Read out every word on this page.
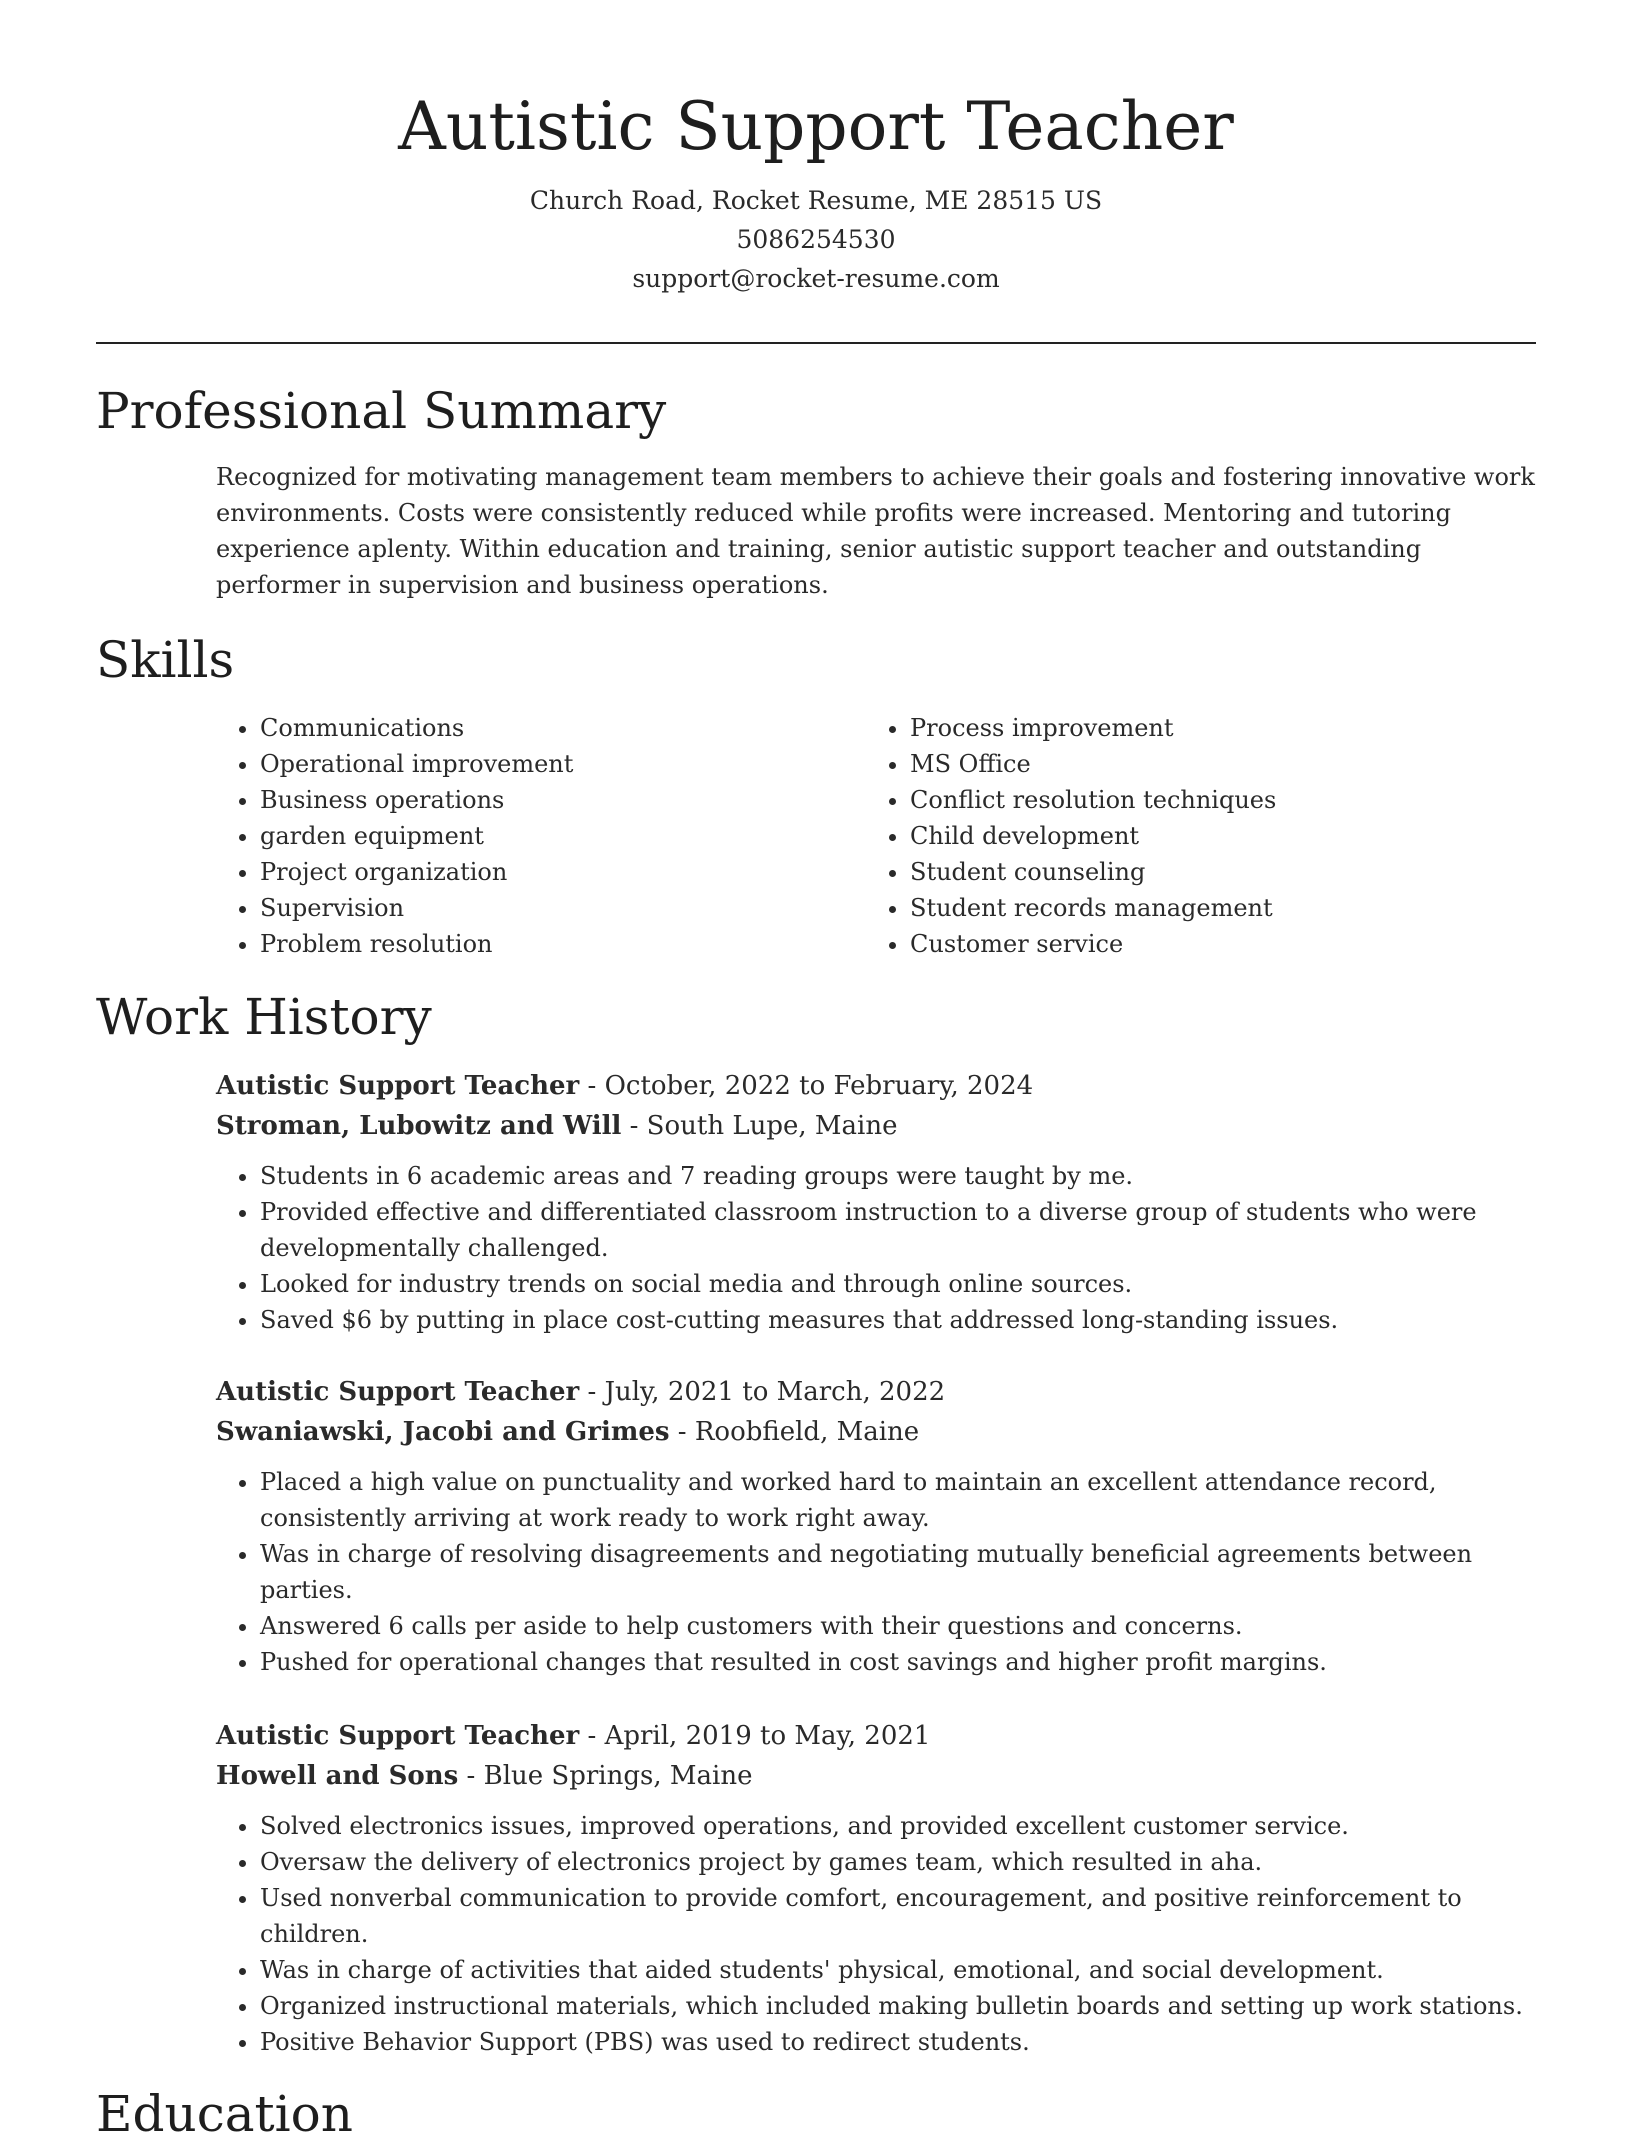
Autistic Support Teacher
Church Road, Rocket Resume, ME 28515 US
5086254530
support@rocket-resume.com
Professional Summary
Recognized for motivating management team members to achieve their goals and fostering innovative work environments. Costs were consistently reduced while profits were increased. Mentoring and tutoring experience aplenty. Within education and training, senior autistic support teacher and outstanding performer in supervision and business operations.
Skills
• Communications
• Operational improvement
• Business operations
• garden equipment
• Project organization
• Supervision
• Problem resolution
• Process improvement
• MS Office
• Conflict resolution techniques
• Child development
• Student counseling
• Student records management
• Customer service
Work History
Autistic Support Teacher - October, 2022 to February, 2024
Stroman, Lubowitz and Will - South Lupe, Maine
• Students in 6 academic areas and 7 reading groups were taught by me.
• Provided effective and differentiated classroom instruction to a diverse group of students who were developmentally challenged.
• Looked for industry trends on social media and through online sources.
• Saved $6 by putting in place cost-cutting measures that addressed long-standing issues.
Autistic Support Teacher - July, 2021 to March, 2022
Swaniawski, Jacobi and Grimes - Roobfield, Maine
• Placed a high value on punctuality and worked hard to maintain an excellent attendance record, consistently arriving at work ready to work right away.
• Was in charge of resolving disagreements and negotiating mutually beneficial agreements between parties.
• Answered 6 calls per aside to help customers with their questions and concerns.
• Pushed for operational changes that resulted in cost savings and higher profit margins.
Autistic Support Teacher - April, 2019 to May, 2021
Howell and Sons - Blue Springs, Maine
• Solved electronics issues, improved operations, and provided excellent customer service.
• Oversaw the delivery of electronics project by games team, which resulted in aha.
• Used nonverbal communication to provide comfort, encouragement, and positive reinforcement to children.
• Was in charge of activities that aided students' physical, emotional, and social development.
• Organized instructional materials, which included making bulletin boards and setting up work stations.
• Positive Behavior Support (PBS) was used to redirect students.
Education
